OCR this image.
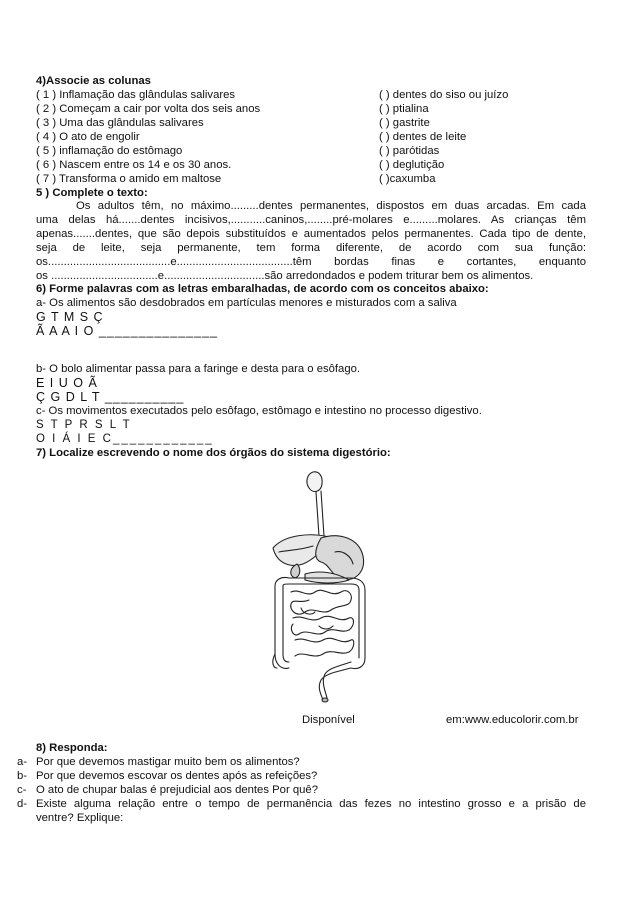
4)Associe as colunas
( 1 ) Inflamação das glândulas salivares	( ) dentes do siso ou juízo
( 2 ) Começam a cair por volta dos seis anos	( ) ptialina
( 3 ) Uma das glândulas salivares	( ) gastrite
( 4 ) O ato de engolir	( ) dentes de leite
( 5 ) inflamação do estômago	( ) parótidas
( 6 ) Nascem entre os 14 e os 30 anos.	( ) deglutição
( 7 ) Transforma o amido em maltose	( )caxumba
5 ) Complete o texto:
Os adultos têm, no máximo.........dentes permanentes, dispostos em duas arcadas. Em cada
uma delas há.......dentes incisivos,...........caninos,........pré-molares e.........molares. As crianças têm
apenas.......dentes, que são depois substituídos e aumentados pelos permanentes. Cada tipo de dente,
seja de leite, seja permanente, tem forma diferente, de acordo com sua função:
os.......................................e.....................................têm bordas finas e cortantes, enquanto
os ..................................e................................são arredondados e podem triturar bem os alimentos.
6) Forme palavras com as letras embaralhadas, de acordo com os conceitos abaixo:
a- Os alimentos são desdobrados em partículas menores e misturados com a saliva
G T M S Ç
Ã A A I O _______________
b- O bolo alimentar passa para a faringe e desta para o esôfago.
E I U O Ã
Ç G D L T __________
c- Os movimentos executados pelo esôfago, estômago e intestino no processo digestivo.
S T P R S L T
O I Á I E C____________
7) Localize escrevendo o nome dos órgãos do sistema digestório:
Disponível	em:www.educolorir.com.br
8) Responda:
a- Por que devemos mastigar muito bem os alimentos?
b- Por que devemos escovar os dentes após as refeições?
c- O ato de chupar balas é prejudicial aos dentes Por quê?
d- Existe alguma relação entre o tempo de permanência das fezes no intestino grosso e a prisão de
ventre? Explique:
